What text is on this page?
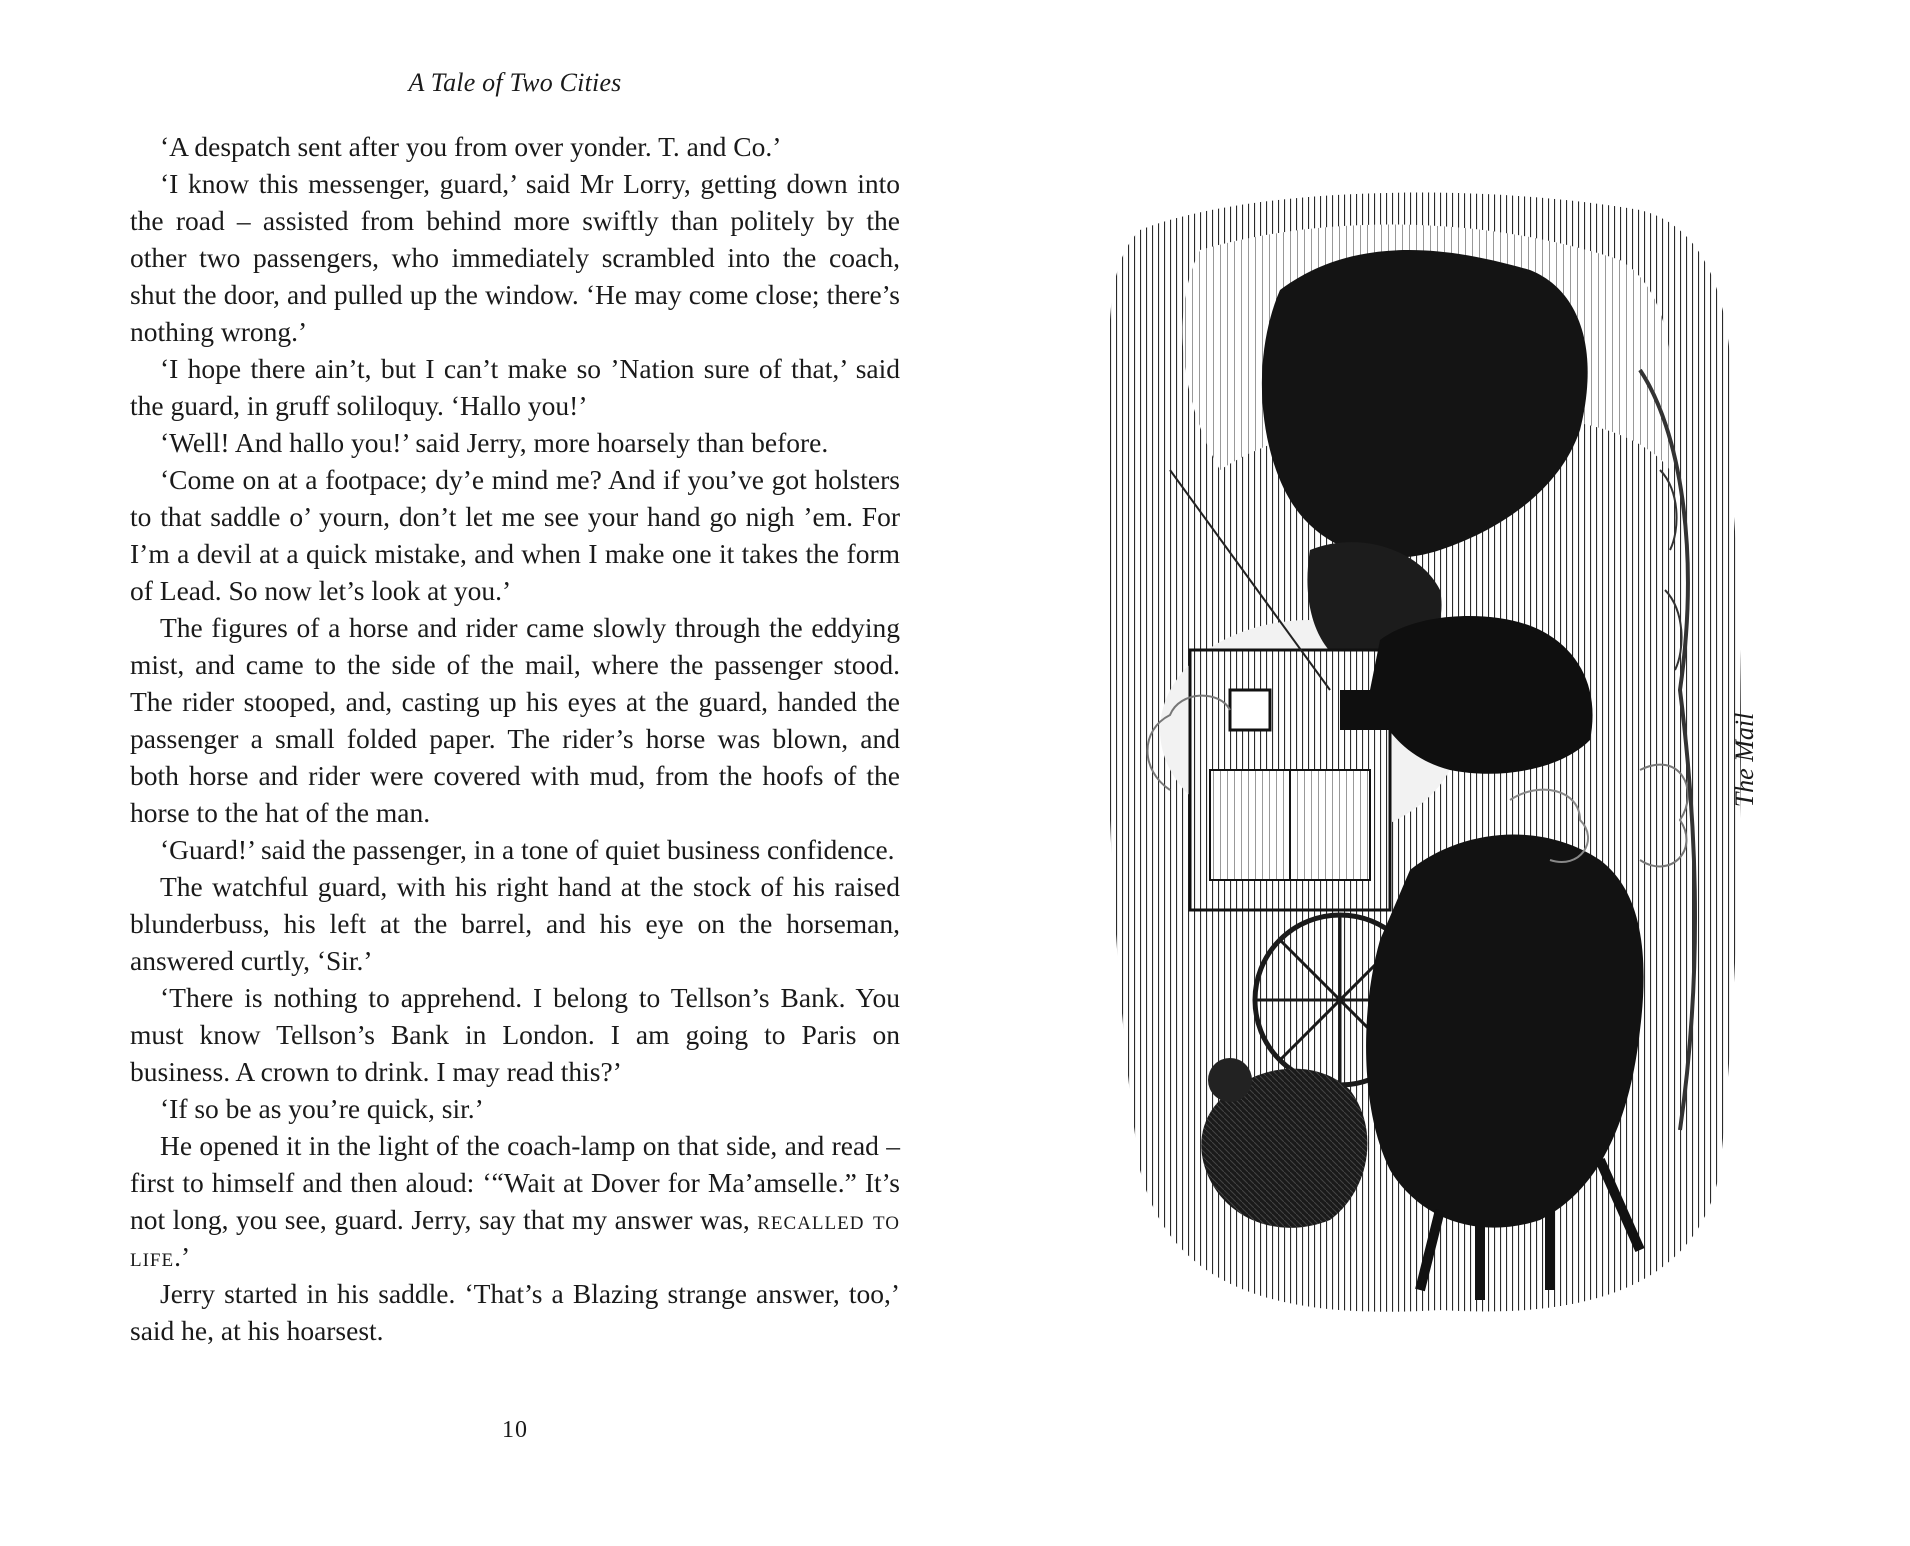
A Tale of Two Cities

‘A despatch sent after you from over yonder. T. and Co.’

‘I know this messenger, guard,’ said Mr Lorry, getting down into the road – assisted from behind more swiftly than politely by the other two passengers, who immediately scrambled into the coach, shut the door, and pulled up the window. ‘He may come close; there’s nothing wrong.’

‘I hope there ain’t, but I can’t make so ’Nation sure of that,’ said the guard, in gruff soliloquy. ‘Hallo you!’

‘Well! And hallo you!’ said Jerry, more hoarsely than before.

‘Come on at a footpace; dy’e mind me? And if you’ve got holsters to that saddle o’ yourn, don’t let me see your hand go nigh ’em. For I’m a devil at a quick mistake, and when I make one it takes the form of Lead. So now let’s look at you.’

The figures of a horse and rider came slowly through the eddying mist, and came to the side of the mail, where the passenger stood. The rider stooped, and, casting up his eyes at the guard, handed the passenger a small folded paper. The rider’s horse was blown, and both horse and rider were covered with mud, from the hoofs of the horse to the hat of the man.

‘Guard!’ said the passenger, in a tone of quiet business confidence.

The watchful guard, with his right hand at the stock of his raised blunderbuss, his left at the barrel, and his eye on the horseman, answered curtly, ‘Sir.’

‘There is nothing to apprehend. I belong to Tellson’s Bank. You must know Tellson’s Bank in London. I am going to Paris on business. A crown to drink. I may read this?’

‘If so be as you’re quick, sir.’

He opened it in the light of the coach-lamp on that side, and read – first to himself and then aloud: ‘“Wait at Dover for Ma’amselle.” It’s not long, you see, guard. Jerry, say that my answer was, recalled to life.’

Jerry started in his saddle. ‘That’s a Blazing strange answer, too,’ said he, at his hoarsest.

10
The Mail
